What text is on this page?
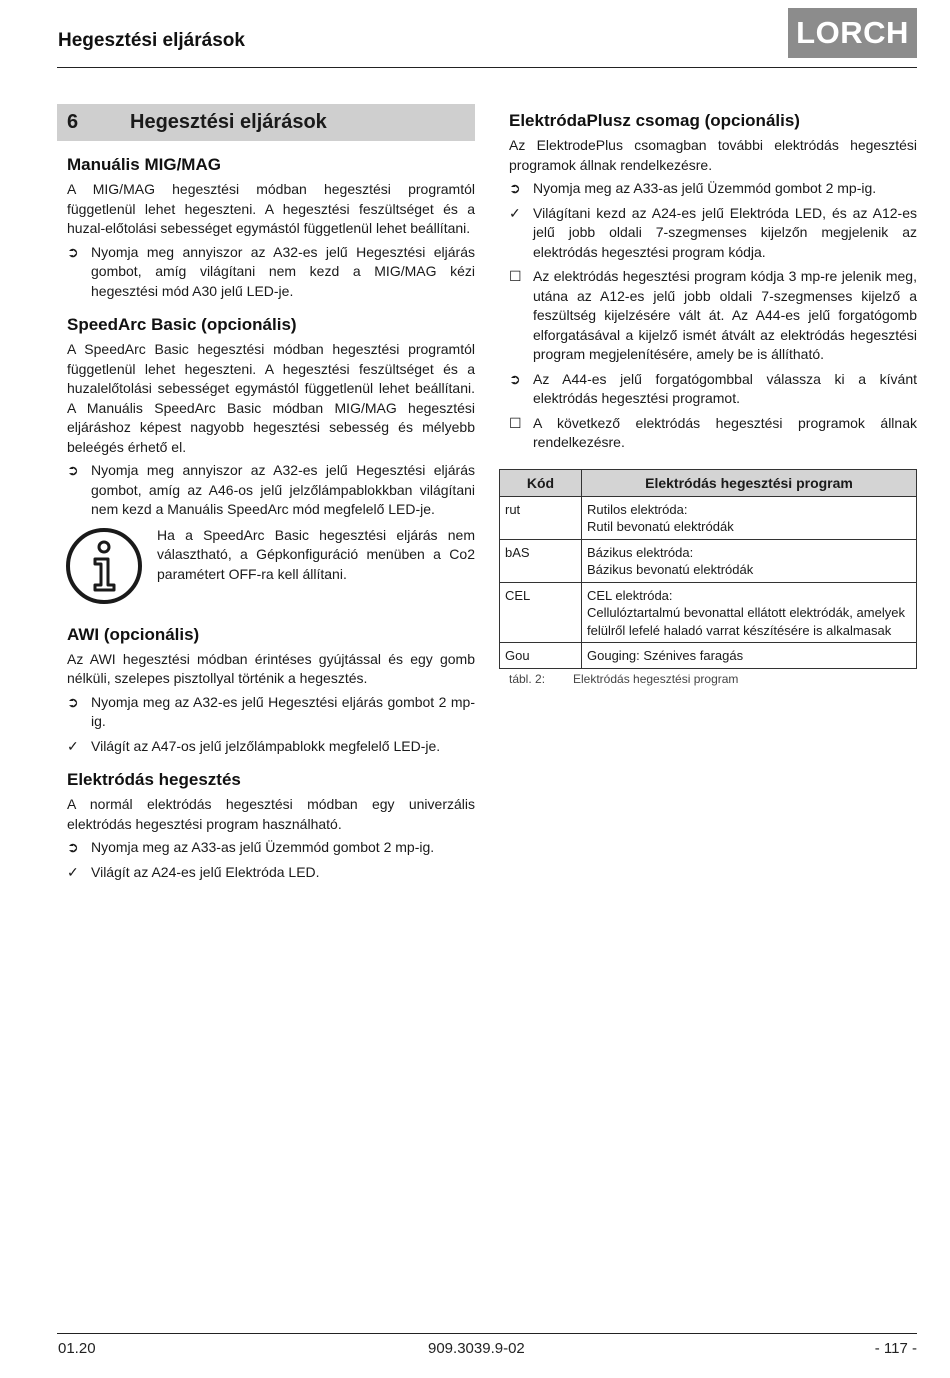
Hegesztési eljárások	LORCH
6	Hegesztési eljárások
Manuális MIG/MAG

A MIG/MAG hegesztési módban hegesztési programtól függetlenül lehet hegeszteni. A hegesztési feszültséget és a huzal-előtolási sebességet egymástól függetlenül lehet beállítani.

➲ Nyomja meg annyiszor az A32-es jelű Hegesztési eljárás gombot, amíg világítani nem kezd a MIG/MAG kézi hegesztési mód A30 jelű LED-je.
SpeedArc Basic (opcionális)

A SpeedArc Basic hegesztési módban hegesztési programtól függetlenül lehet hegeszteni. A hegesztési feszültséget és a huzalelőtolási sebességet egymástól függetlenül lehet beállítani. A Manuális SpeedArc Basic módban MIG/MAG hegesztési eljáráshoz képest nagyobb hegesztési sebesség és mélyebb beleégés érhető el.

➲ Nyomja meg annyiszor az A32-es jelű Hegesztési eljárás gombot, amíg az A46-os jelű jelzőlámpablokkban világítani nem kezd a Manuális SpeedArc mód megfelelő LED-je.
Ha a SpeedArc Basic hegesztési eljárás nem választható, a Gépkonfiguráció menüben a Co2 paramétert OFF-ra kell állítani.
AWI (opcionális)

Az AWI hegesztési módban érintéses gyújtással és egy gomb nélküli, szelepes pisztollyal történik a hegesztés.

➲ Nyomja meg az A32-es jelű Hegesztési eljárás gombot 2 mp-ig.
✓ Világít az A47-os jelű jelzőlámpablokk megfelelő LED-je.
Elektródás hegesztés

A normál elektródás hegesztési módban egy univerzális elektródás hegesztési program használható.

➲ Nyomja meg az A33-as jelű Üzemmód gombot 2 mp-ig.
✓ Világít az A24-es jelű Elektróda LED.
ElektródaPlusz csomag (opcionális)

Az ElektrodePlus csomagban további elektródás hegesztési programok állnak rendelkezésre.

➲ Nyomja meg az A33-as jelű Üzemmód gombot 2 mp-ig.
✓ Világítani kezd az A24-es jelű Elektróda LED, és az A12-es jelű jobb oldali 7-szegmenses kijelzőn megjelenik az elektródás hegesztési program kódja.
☐ Az elektródás hegesztési program kódja 3 mp-re jelenik meg, utána az A12-es jelű jobb oldali 7-szegmenses kijelző a feszültség kijelzésére vált át. Az A44-es jelű forgatógomb elforgatásával a kijelző ismét átvált az elektródás hegesztési program megjelenítésére, amely be is állítható.
➲ Az A44-es jelű forgatógombbal válassza ki a kívánt elektródás hegesztési programot.
☐ A következő elektródás hegesztési programok állnak rendelkezésre.
Kód	Elektródás hegesztési program
rut	Rutilos elektróda:
Rutil bevonatú elektródák

bAS	Bázikus elektróda:
Bázikus bevonatú elektródák

CEL	CEL elektróda:
Cellulóztartalmú bevonattal ellátott elektródák, amelyek felülről lefelé haladó varrat készítésére is alkalmasak

Gou	Gouging: Szénives faragás
tábl. 2:	Elektródás hegesztési program
01.20	909.3039.9-02	- 117 -
